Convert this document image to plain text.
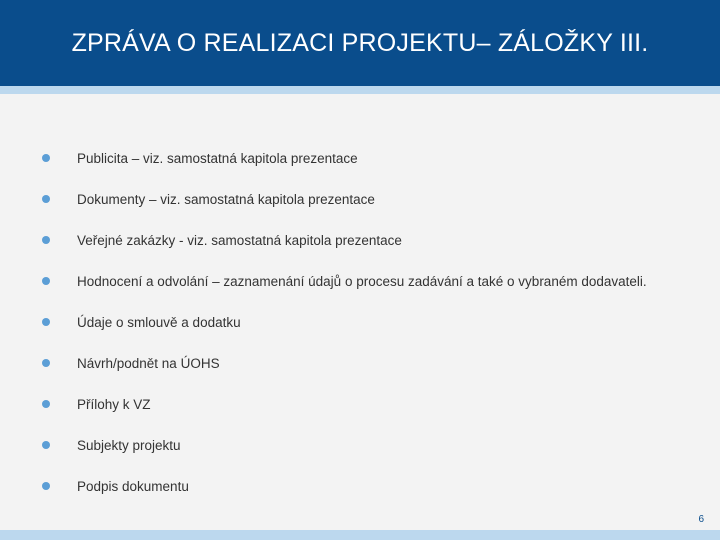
ZPRÁVA O REALIZACI PROJEKTU– ZÁLOŽKY III.
Publicita – viz. samostatná kapitola prezentace
Dokumenty – viz. samostatná kapitola prezentace
Veřejné zakázky - viz. samostatná kapitola prezentace
Hodnocení a odvolání – zaznamenání údajů o procesu zadávání a také o vybraném dodavateli.
Údaje o smlouvě a dodatku
Návrh/podnět na ÚOHS
Přílohy k VZ
Subjekty projektu
Podpis dokumentu
6
